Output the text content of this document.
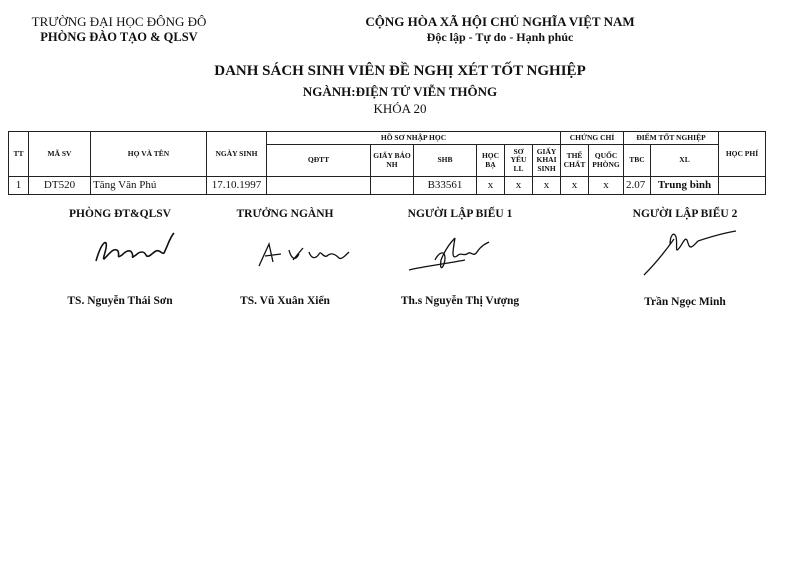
TRƯỜNG ĐẠI HỌC ĐÔNG ĐÔ
PHÒNG ĐÀO TẠO & QLSV
CỘNG HÒA XÃ HỘI CHỦ NGHĨA VIỆT NAM
Độc lập - Tự do - Hạnh phúc
DANH SÁCH SINH VIÊN ĐỀ NGHỊ XÉT TỐT NGHIỆP
NGÀNH:ĐIỆN TỬ VIỄN THÔNG
KHÓA 20
TT	MÃ SV	HỌ VÀ TÊN	NGÀY SINH	HỒ SƠ NHẬP HỌC						CHỨNG CHỈ		ĐIỂM TỐT NGHIỆP		HỌC PHÍ
				QĐTT	GIẤY BÁO NH	SHB	HỌC BẠ	SƠ YẾU LL	GIẤY KHAI SINH	THỂ CHẤT	QUỐC PHÒNG	TBC	XL	
1	DT520	Tăng Văn Phú	17.10.1997			B33561	x	x	x	x	x	2.07	Trung bình	
PHÒNG ĐT&QLSV	TRƯỞNG NGÀNH	NGƯỜI LẬP BIỂU 1	NGƯỜI LẬP BIỂU 2
TS. Nguyễn Thái Sơn	TS. Vũ Xuân Xiển	Th.s Nguyễn Thị Vượng	Trần Ngọc Minh
